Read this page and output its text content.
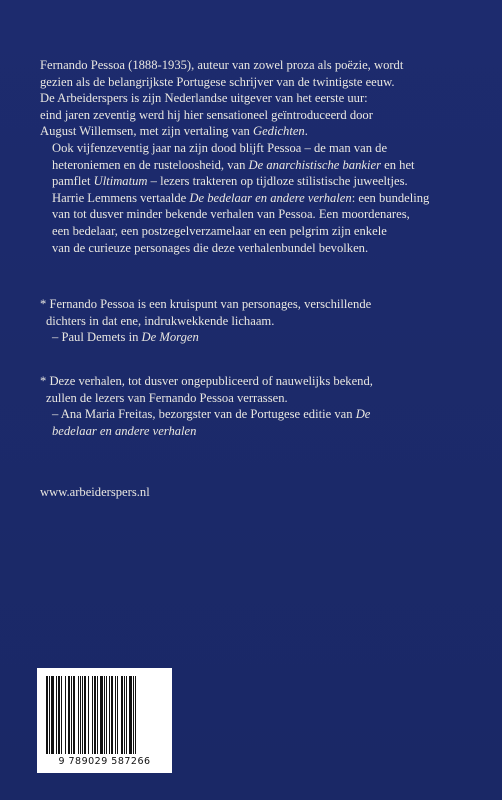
Fernando Pessoa (1888-1935), auteur van zowel proza als poëzie, wordt
gezien als de belangrijkste Portugese schrijver van de twintigste eeuw.
De Arbeiderspers is zijn Nederlandse uitgever van het eerste uur:
eind jaren zeventig werd hij hier sensationeel geïntroduceerd door
August Willemsen, met zijn vertaling van Gedichten.

Ook vijfenzeventig jaar na zijn dood blijft Pessoa – de man van de
heteroniemen en de rusteloosheid, van De anarchistische bankier en het
pamflet Ultimatum – lezers trakteren op tijdloze stilistische juweeltjes.
Harrie Lemmens vertaalde De bedelaar en andere verhalen: een bundeling
van tot dusver minder bekende verhalen van Pessoa. Een moordenares,
een bedelaar, een postzegelverzamelaar en een pelgrim zijn enkele
van de curieuze personages die deze verhalenbundel bevolken.

* Fernando Pessoa is een kruispunt van personages, verschillende
dichters in dat ene, indrukwekkende lichaam.
– Paul Demets in De Morgen
* Deze verhalen, tot dusver ongepubliceerd of nauwelijks bekend,
zullen de lezers van Fernando Pessoa verrassen.
– Ana Maria Freitas, bezorgster van de Portugese editie van De
bedelaar en andere verhalen
www.arbeiderspers.nl
9 789029 587266
